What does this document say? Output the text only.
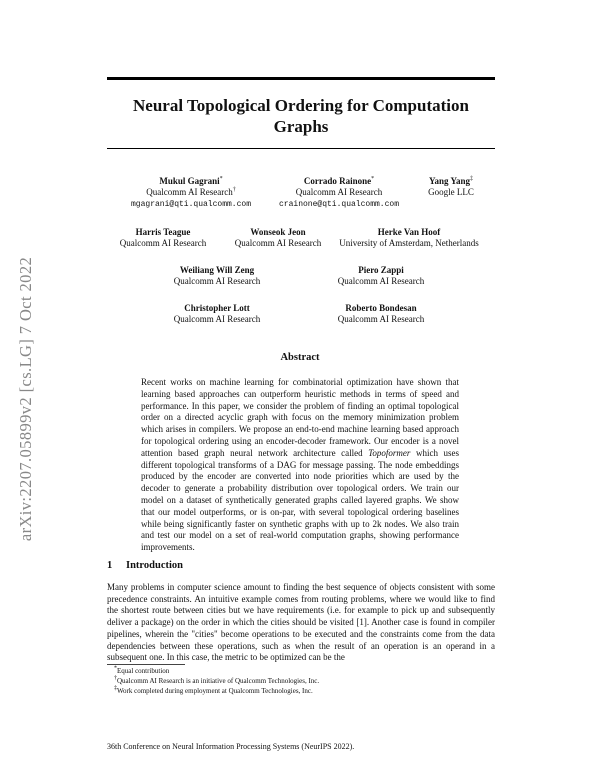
arXiv:2207.05899v2 [cs.LG] 7 Oct 2022
Neural Topological Ordering for Computation
Graphs
Mukul Gagrani*
Qualcomm AI Research†
mgagrani@qti.qualcomm.com
Corrado Rainone*
Qualcomm AI Research
crainone@qti.qualcomm.com
Yang Yang‡
Google LLC
Harris Teague
Qualcomm AI Research
Wonseok Jeon
Qualcomm AI Research
Herke Van Hoof
University of Amsterdam, Netherlands
Weiliang Will Zeng
Qualcomm AI Research
Piero Zappi
Qualcomm AI Research
Christopher Lott
Qualcomm AI Research
Roberto Bondesan
Qualcomm AI Research
Abstract
Recent works on machine learning for combinatorial optimization have shown that learning based approaches can outperform heuristic methods in terms of speed and performance. In this paper, we consider the problem of finding an optimal topological order on a directed acyclic graph with focus on the memory minimization problem which arises in compilers. We propose an end-to-end machine learning based approach for topological ordering using an encoder-decoder framework. Our encoder is a novel attention based graph neural network architecture called Topoformer which uses different topological transforms of a DAG for message passing. The node embeddings produced by the encoder are converted into node priorities which are used by the decoder to generate a probability distribution over topological orders. We train our model on a dataset of synthetically generated graphs called layered graphs. We show that our model outperforms, or is on-par, with several topological ordering baselines while being significantly faster on synthetic graphs with up to 2k nodes. We also train and test our model on a set of real-world computation graphs, showing performance improvements.
1 Introduction
Many problems in computer science amount to finding the best sequence of objects consistent with some precedence constraints. An intuitive example comes from routing problems, where we would like to find the shortest route between cities but we have requirements (i.e. for example to pick up and subsequently deliver a package) on the order in which the cities should be visited [1]. Another case is found in compiler pipelines, wherein the "cities" become operations to be executed and the constraints come from the data dependencies between these operations, such as when the result of an operation is an operand in a subsequent one. In this case, the metric to be optimized can be the
*Equal contribution
†Qualcomm AI Research is an initiative of Qualcomm Technologies, Inc.
‡Work completed during employment at Qualcomm Technologies, Inc.
36th Conference on Neural Information Processing Systems (NeurIPS 2022).
